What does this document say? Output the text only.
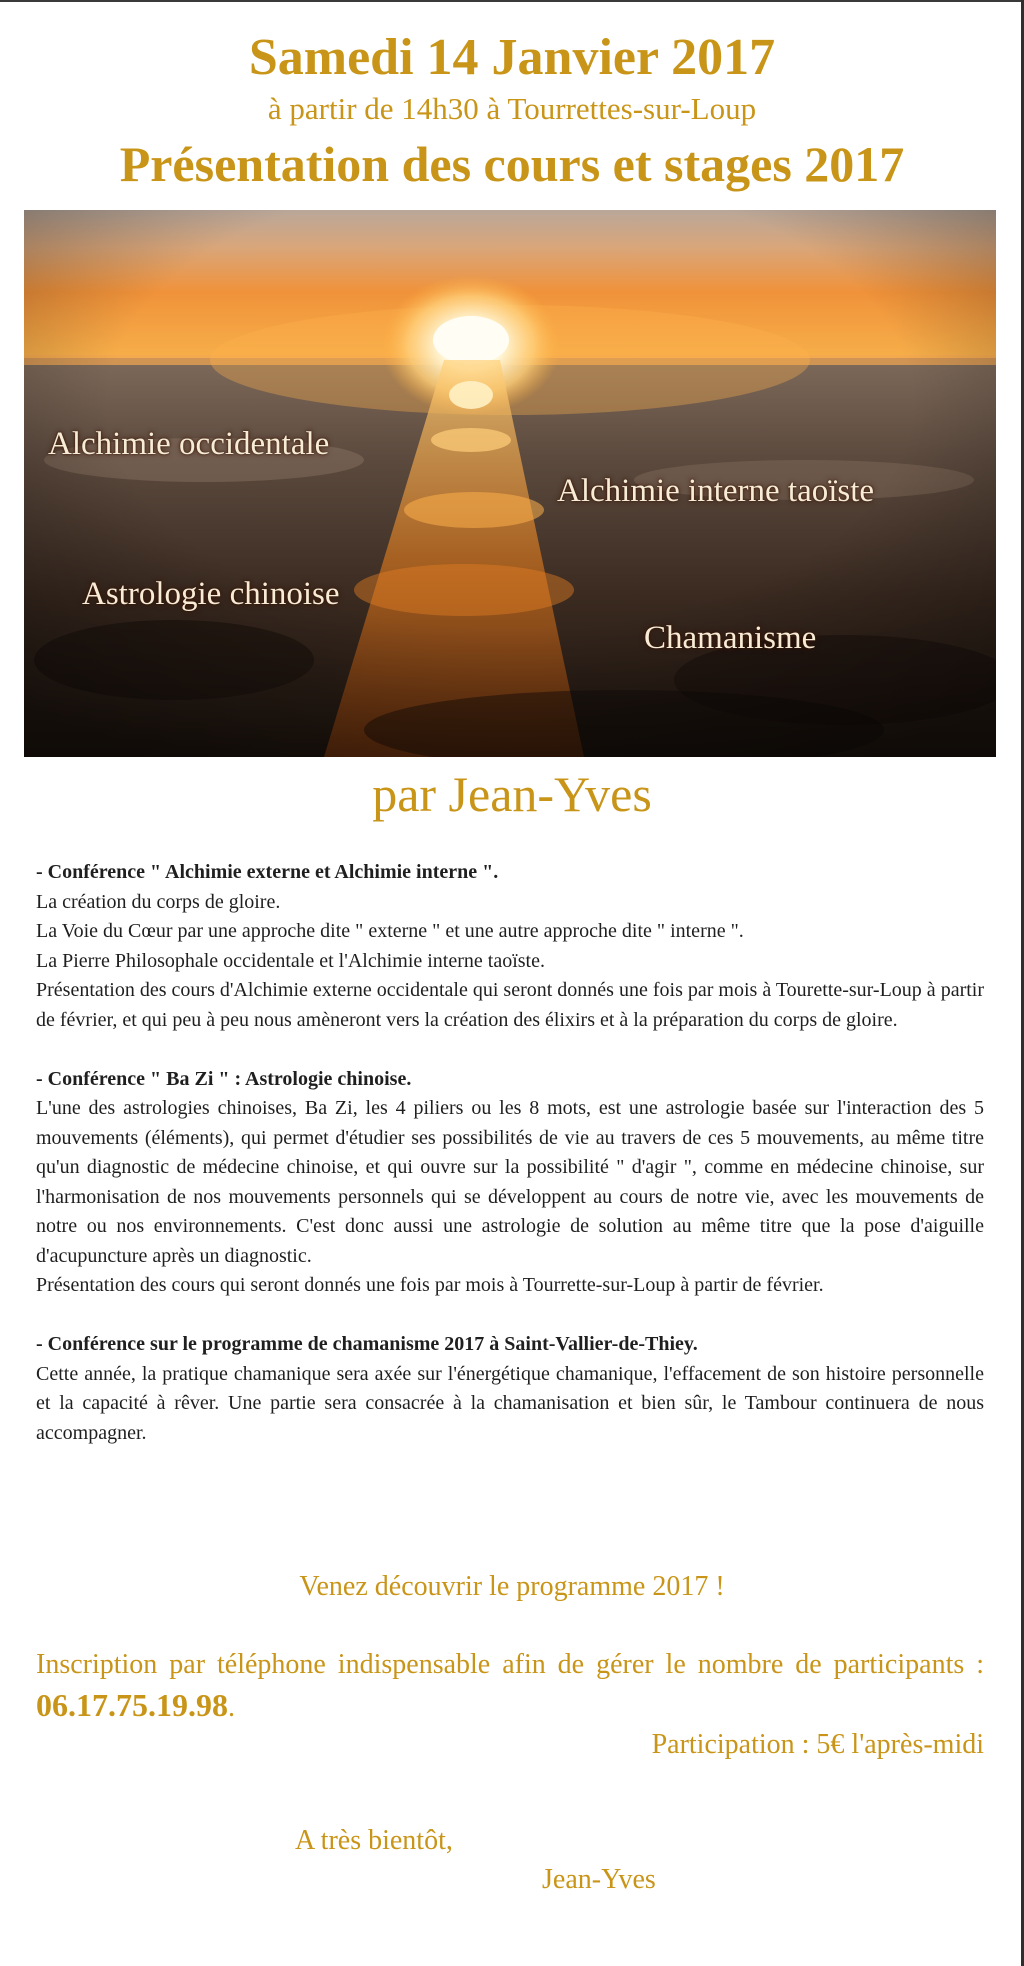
Samedi 14 Janvier 2017
à partir de 14h30 à Tourrettes-sur-Loup
Présentation des cours et stages 2017
Alchimie occidentale
Alchimie interne taoïste
Astrologie chinoise
Chamanisme
par Jean-Yves

- Conférence " Alchimie externe et Alchimie interne ".

La création du corps de gloire.

La Voie du Cœur par une approche dite " externe " et une autre approche dite " interne ".

La Pierre Philosophale occidentale et l'Alchimie interne taoïste.

Présentation des cours d'Alchimie externe occidentale qui seront donnés une fois par mois à Tourette-sur-Loup à partir de février, et qui peu à peu nous amèneront vers la création des élixirs et à la préparation du corps de gloire.

- Conférence " Ba Zi " : Astrologie chinoise.

L'une des astrologies chinoises, Ba Zi, les 4 piliers ou les 8 mots, est une astrologie basée sur l'interaction des 5 mouvements (éléments), qui permet d'étudier ses possibilités de vie au travers de ces 5 mouvements, au même titre qu'un diagnostic de médecine chinoise, et qui ouvre sur la possibilité " d'agir ", comme en médecine chinoise, sur l'harmonisation de nos mouvements personnels qui se développent au cours de notre vie, avec les mouvements de notre ou nos environnements. C'est donc aussi une astrologie de solution au même titre que la pose d'aiguille d'acupuncture après un diagnostic.

Présentation des cours qui seront donnés une fois par mois à Tourrette-sur-Loup à partir de février.

- Conférence sur le programme de chamanisme 2017 à Saint-Vallier-de-Thiey.

Cette année, la pratique chamanique sera axée sur l'énergétique chamanique, l'effacement de son histoire personnelle et la capacité à rêver. Une partie sera consacrée à la chamanisation et bien sûr, le Tambour continuera de nous accompagner.

Venez découvrir le programme 2017 !
Inscription par téléphone indispensable afin de gérer le nombre de participants : 06.17.75.19.98.
Participation : 5€ l'après-midi
A très bientôt,
Jean-Yves
